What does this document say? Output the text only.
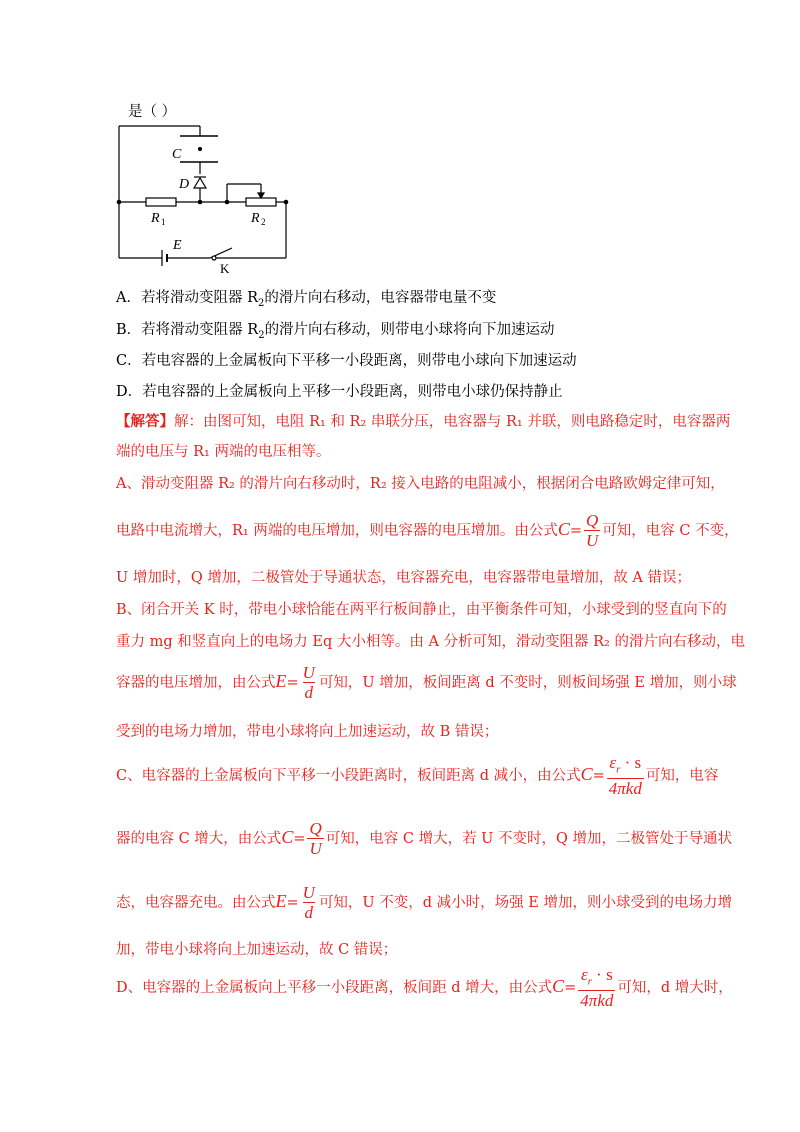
是（ ）
C
D
R	R
E
1	2
K
A．若将滑动变阻器 $R_2$的滑片向右移动，电容器带电量不变
B．若将滑动变阻器 $R_2$的滑片向右移动，则带电小球将向下加速运动
C．若电容器的上金属板向下平移一小段距离，则带电小球向下加速运动
D．若电容器的上金属板向上平移一小段距离，则带电小球仍保持静止
【解答】解：由图可知，电阻 R₁ 和 R₂ 串联分压，电容器与 R₁ 并联，则电路稳定时，电容器两
端的电压与 R₁ 两端的电压相等。
A、滑动变阻器 R₂ 的滑片向右移动时，R₂ 接入电路的电阻减小，根据闭合电路欧姆定律可知，
电路中电流增大，R₁ 两端的电压增加，则电容器的电压增加。由公式$C= \frac{Q}{U}$ 可知，电容 C 不变，
U 增加时，Q 增加，二极管处于导通状态，电容器充电，电容器带电量增加，故 A 错误；
B、闭合开关 K 时，带电小球恰能在两平行板间静止，由平衡条件可知，小球受到的竖直向下的
重力 mg 和竖直向上的电场力 Eq 大小相等。由 A 分析可知，滑动变阻器 R₂ 的滑片向右移动，电
容器的电压增加，由公式$E= \frac{U}{d}$ 可知，U 增加，板间距离 d 不变时，则板间场强 E 增加，则小球
受到的电场力增加，带电小球将向上加速运动，故 B 错误；
C、电容器的上金属板向下平移一小段距离时，板间距离 d 减小，由公式$C= \frac{\varepsilon_r \cdot s}{\text{4πkd}}$ 可知，电容
器的电容 C 增大，由公式$C= \frac{Q}{U}$ 可知，电容 C 增大，若 U 不变时，Q 增加，二极管处于导通状
态，电容器充电。由公式$E= \frac{U}{d}$ 可知，U 不变，d 减小时，场强 E 增加，则小球受到的电场力增
加，带电小球将向上加速运动，故 C 错误；
D、电容器的上金属板向上平移一小段距离，板间距 d 增大，由公式$C= \frac{\varepsilon_r \cdot s}{\text{4πkd}}$ 可知，d 增大时，
